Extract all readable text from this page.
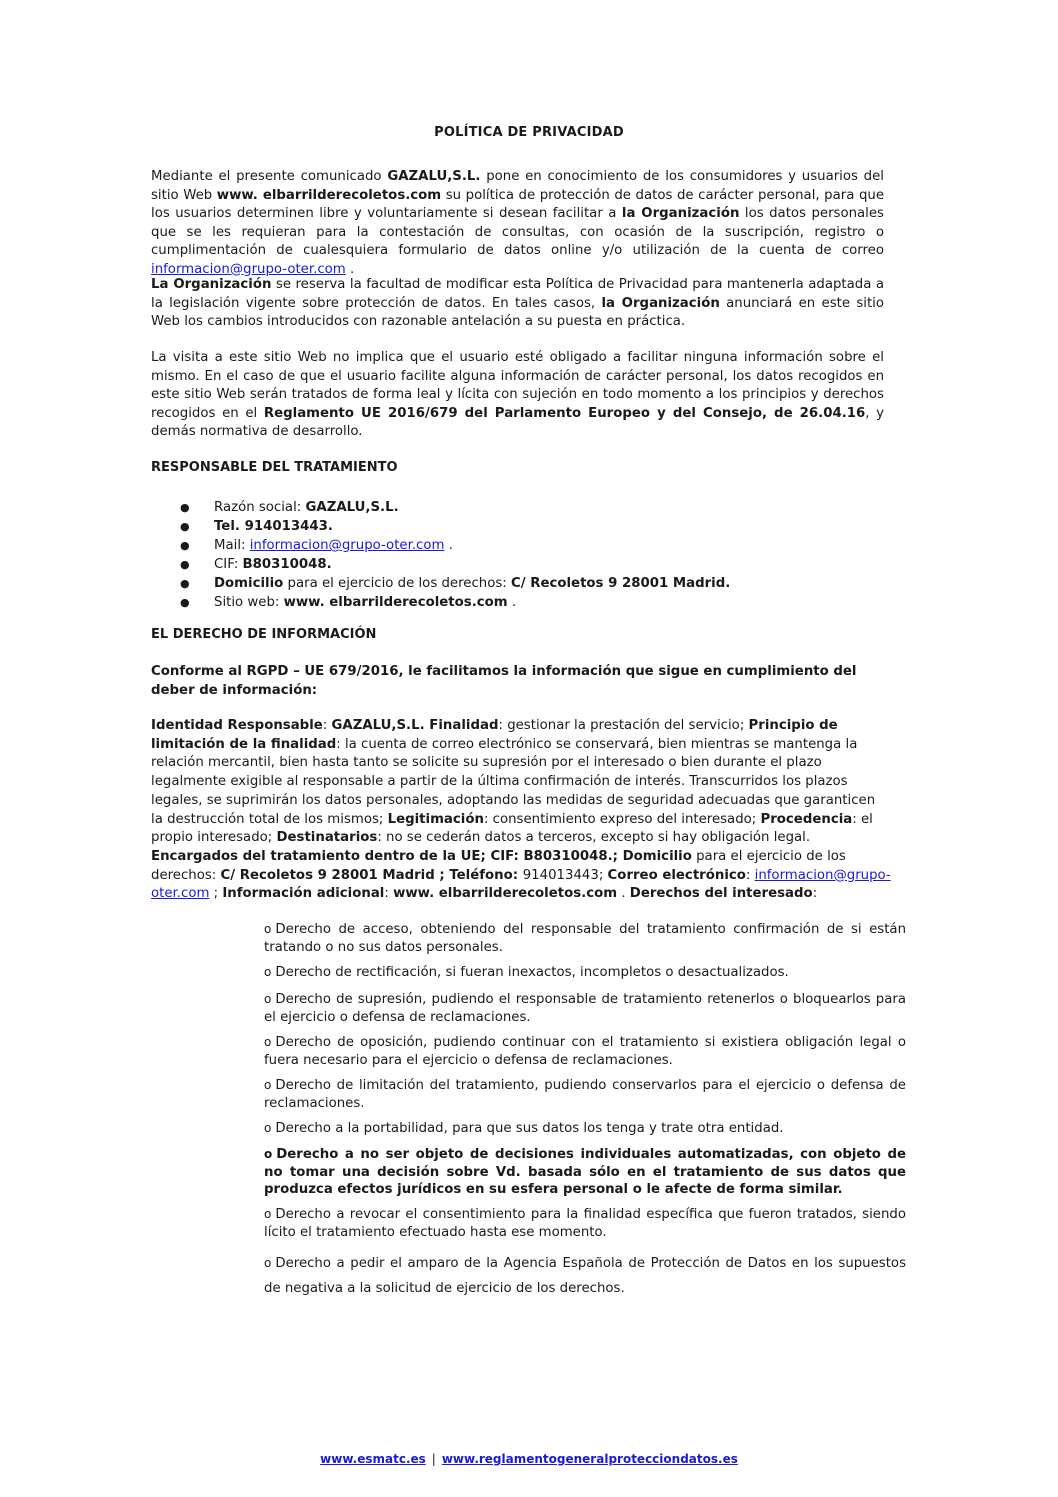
POLÍTICA DE PRIVACIDAD
Mediante el presente comunicado GAZALU,S.L. pone en conocimiento de los consumidores y usuarios del sitio Web www. elbarrilderecoletos.com su política de protección de datos de carácter personal, para que los usuarios determinen libre y voluntariamente si desean facilitar a la Organización los datos personales que se les requieran para la contestación de consultas, con ocasión de la suscripción, registro o cumplimentación de cualesquiera formulario de datos online y/o utilización de la cuenta de correo informacion@grupo-oter.com .
La Organización se reserva la facultad de modificar esta Política de Privacidad para mantenerla adaptada a la legislación vigente sobre protección de datos. En tales casos, la Organización anunciará en este sitio Web los cambios introducidos con razonable antelación a su puesta en práctica.
La visita a este sitio Web no implica que el usuario esté obligado a facilitar ninguna información sobre el mismo. En el caso de que el usuario facilite alguna información de carácter personal, los datos recogidos en este sitio Web serán tratados de forma leal y lícita con sujeción en todo momento a los principios y derechos recogidos en el Reglamento UE 2016/679 del Parlamento Europeo y del Consejo, de 26.04.16, y demás normativa de desarrollo.
RESPONSABLE DEL TRATAMIENTO
● Razón social: GAZALU,S.L.
● Tel. 914013443.
● Mail: informacion@grupo-oter.com .
● CIF: B80310048.
● Domicilio para el ejercicio de los derechos: C/ Recoletos 9 28001 Madrid.
● Sitio web: www. elbarrilderecoletos.com .
EL DERECHO DE INFORMACIÓN
Conforme al RGPD – UE 679/2016, le facilitamos la información que sigue en cumplimiento del deber de información:
Identidad Responsable: GAZALU,S.L. Finalidad: gestionar la prestación del servicio; Principio de limitación de la finalidad: la cuenta de correo electrónico se conservará, bien mientras se mantenga la relación mercantil, bien hasta tanto se solicite su supresión por el interesado o bien durante el plazo legalmente exigible al responsable a partir de la última confirmación de interés. Transcurridos los plazos legales, se suprimirán los datos personales, adoptando las medidas de seguridad adecuadas que garanticen la destrucción total de los mismos; Legitimación: consentimiento expreso del interesado; Procedencia: el propio interesado; Destinatarios: no se cederán datos a terceros, excepto si hay obligación legal. Encargados del tratamiento dentro de la UE; CIF: B80310048.; Domicilio para el ejercicio de los derechos: C/ Recoletos 9 28001 Madrid ; Teléfono: 914013443; Correo electrónico: informacion@grupo-oter.com ; Información adicional: www. elbarrilderecoletos.com . Derechos del interesado:
o Derecho de acceso, obteniendo del responsable del tratamiento confirmación de si están tratando o no sus datos personales.
o Derecho de rectificación, si fueran inexactos, incompletos o desactualizados.
o Derecho de supresión, pudiendo el responsable de tratamiento retenerlos o bloquearlos para el ejercicio o defensa de reclamaciones.
o Derecho de oposición, pudiendo continuar con el tratamiento si existiera obligación legal o fuera necesario para el ejercicio o defensa de reclamaciones.
o Derecho de limitación del tratamiento, pudiendo conservarlos para el ejercicio o defensa de reclamaciones.
o Derecho a la portabilidad, para que sus datos los tenga y trate otra entidad.
o Derecho a no ser objeto de decisiones individuales automatizadas, con objeto de no tomar una decisión sobre Vd. basada sólo en el tratamiento de sus datos que produzca efectos jurídicos en su esfera personal o le afecte de forma similar.
o Derecho a revocar el consentimiento para la finalidad específica que fueron tratados, siendo lícito el tratamiento efectuado hasta ese momento.
o Derecho a pedir el amparo de la Agencia Española de Protección de Datos en los supuestos de negativa a la solicitud de ejercicio de los derechos.
www.esmatc.es | www.reglamentogeneralprotecciondatos.es
